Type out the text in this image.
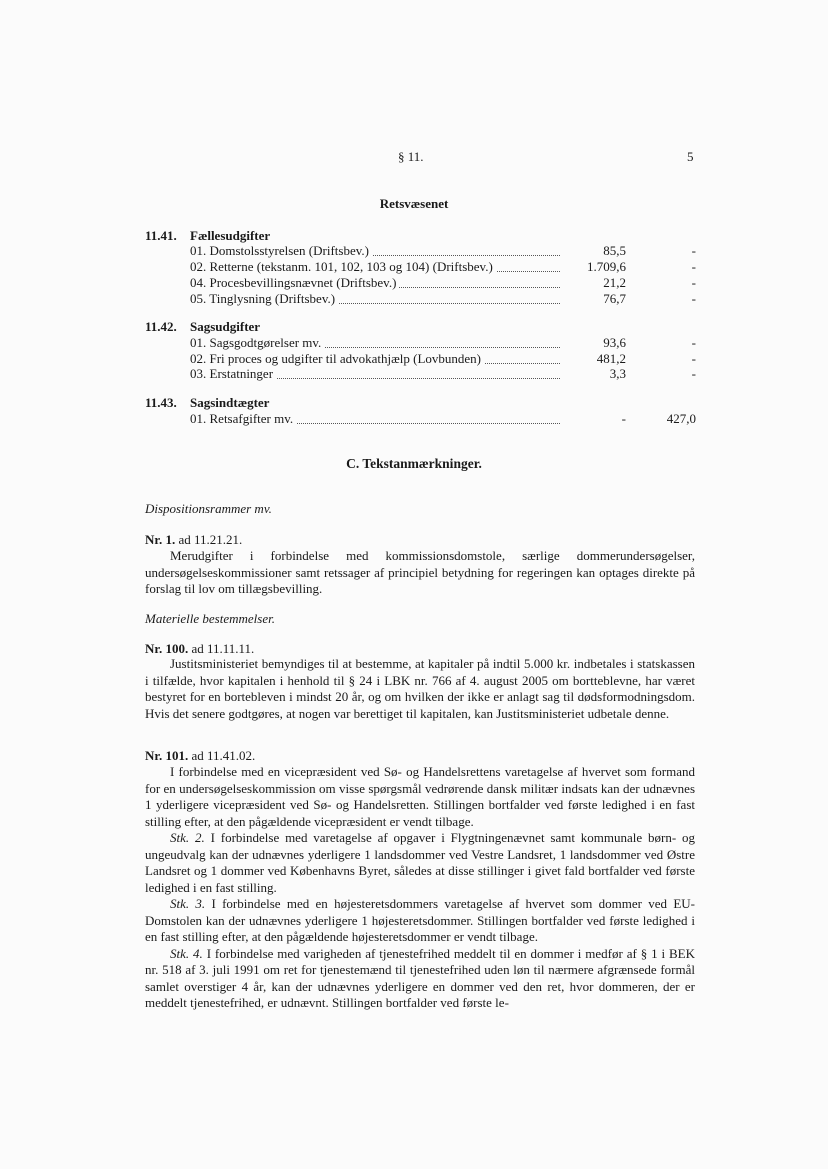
§ 11.	5
Retsvæsenet
11.41. Fællesudgifter
01. Domstolsstyrelsen (Driftsbev.)	85,5	-
02. Retterne (tekstanm. 101, 102, 103 og 104) (Driftsbev.)	1.709,6	-
04. Procesbevillingsnævnet (Driftsbev.)	21,2	-
05. Tinglysning (Driftsbev.)	76,7	-
11.42. Sagsudgifter
01. Sagsgodtgørelser mv.	93,6	-
02. Fri proces og udgifter til advokathjælp (Lovbunden)	481,2	-
03. Erstatninger	3,3	-
11.43. Sagsindtægter
01. Retsafgifter mv.	-	427,0
C. Tekstanmærkninger.
Dispositionsrammer mv.
Nr. 1. ad 11.21.21.

Merudgifter i forbindelse med kommissionsdomstole, særlige dommerundersøgelser, undersøgelseskommissioner samt retssager af principiel betydning for regeringen kan optages direkte på forslag til lov om tillægsbevilling.

Materielle bestemmelser.
Nr. 100. ad 11.11.11.

Justitsministeriet bemyndiges til at bestemme, at kapitaler på indtil 5.000 kr. indbetales i statskassen i tilfælde, hvor kapitalen i henhold til § 24 i LBK nr. 766 af 4. august 2005 om bortteblevne, har været bestyret for en bortebleven i mindst 20 år, og om hvilken der ikke er anlagt sag til dødsformodningsdom. Hvis det senere godtgøres, at nogen var berettiget til kapitalen, kan Justitsministeriet udbetale denne.

Nr. 101. ad 11.41.02.

I forbindelse med en vicepræsident ved Sø- og Handelsrettens varetagelse af hvervet som formand for en undersøgelseskommission om visse spørgsmål vedrørende dansk militær indsats kan der udnævnes 1 yderligere vicepræsident ved Sø- og Handelsretten. Stillingen bortfalder ved første ledighed i en fast stilling efter, at den pågældende vicepræsident er vendt tilbage.

Stk. 2. I forbindelse med varetagelse af opgaver i Flygtningenævnet samt kommunale børn- og ungeudvalg kan der udnævnes yderligere 1 landsdommer ved Vestre Landsret, 1 landsdommer ved Østre Landsret og 1 dommer ved Københavns Byret, således at disse stillinger i givet fald bortfalder ved første ledighed i en fast stilling.

Stk. 3. I forbindelse med en højesteretsdommers varetagelse af hvervet som dommer ved EU-Domstolen kan der udnævnes yderligere 1 højesteretsdommer. Stillingen bortfalder ved første ledighed i en fast stilling efter, at den pågældende højesteretsdommer er vendt tilbage.

Stk. 4. I forbindelse med varigheden af tjenestefrihed meddelt til en dommer i medfør af § 1 i BEK nr. 518 af 3. juli 1991 om ret for tjenestemænd til tjenestefrihed uden løn til nærmere afgrænsede formål samlet overstiger 4 år, kan der udnævnes yderligere en dommer ved den ret, hvor dommeren, der er meddelt tjenestefrihed, er udnævnt. Stillingen bortfalder ved første le-
